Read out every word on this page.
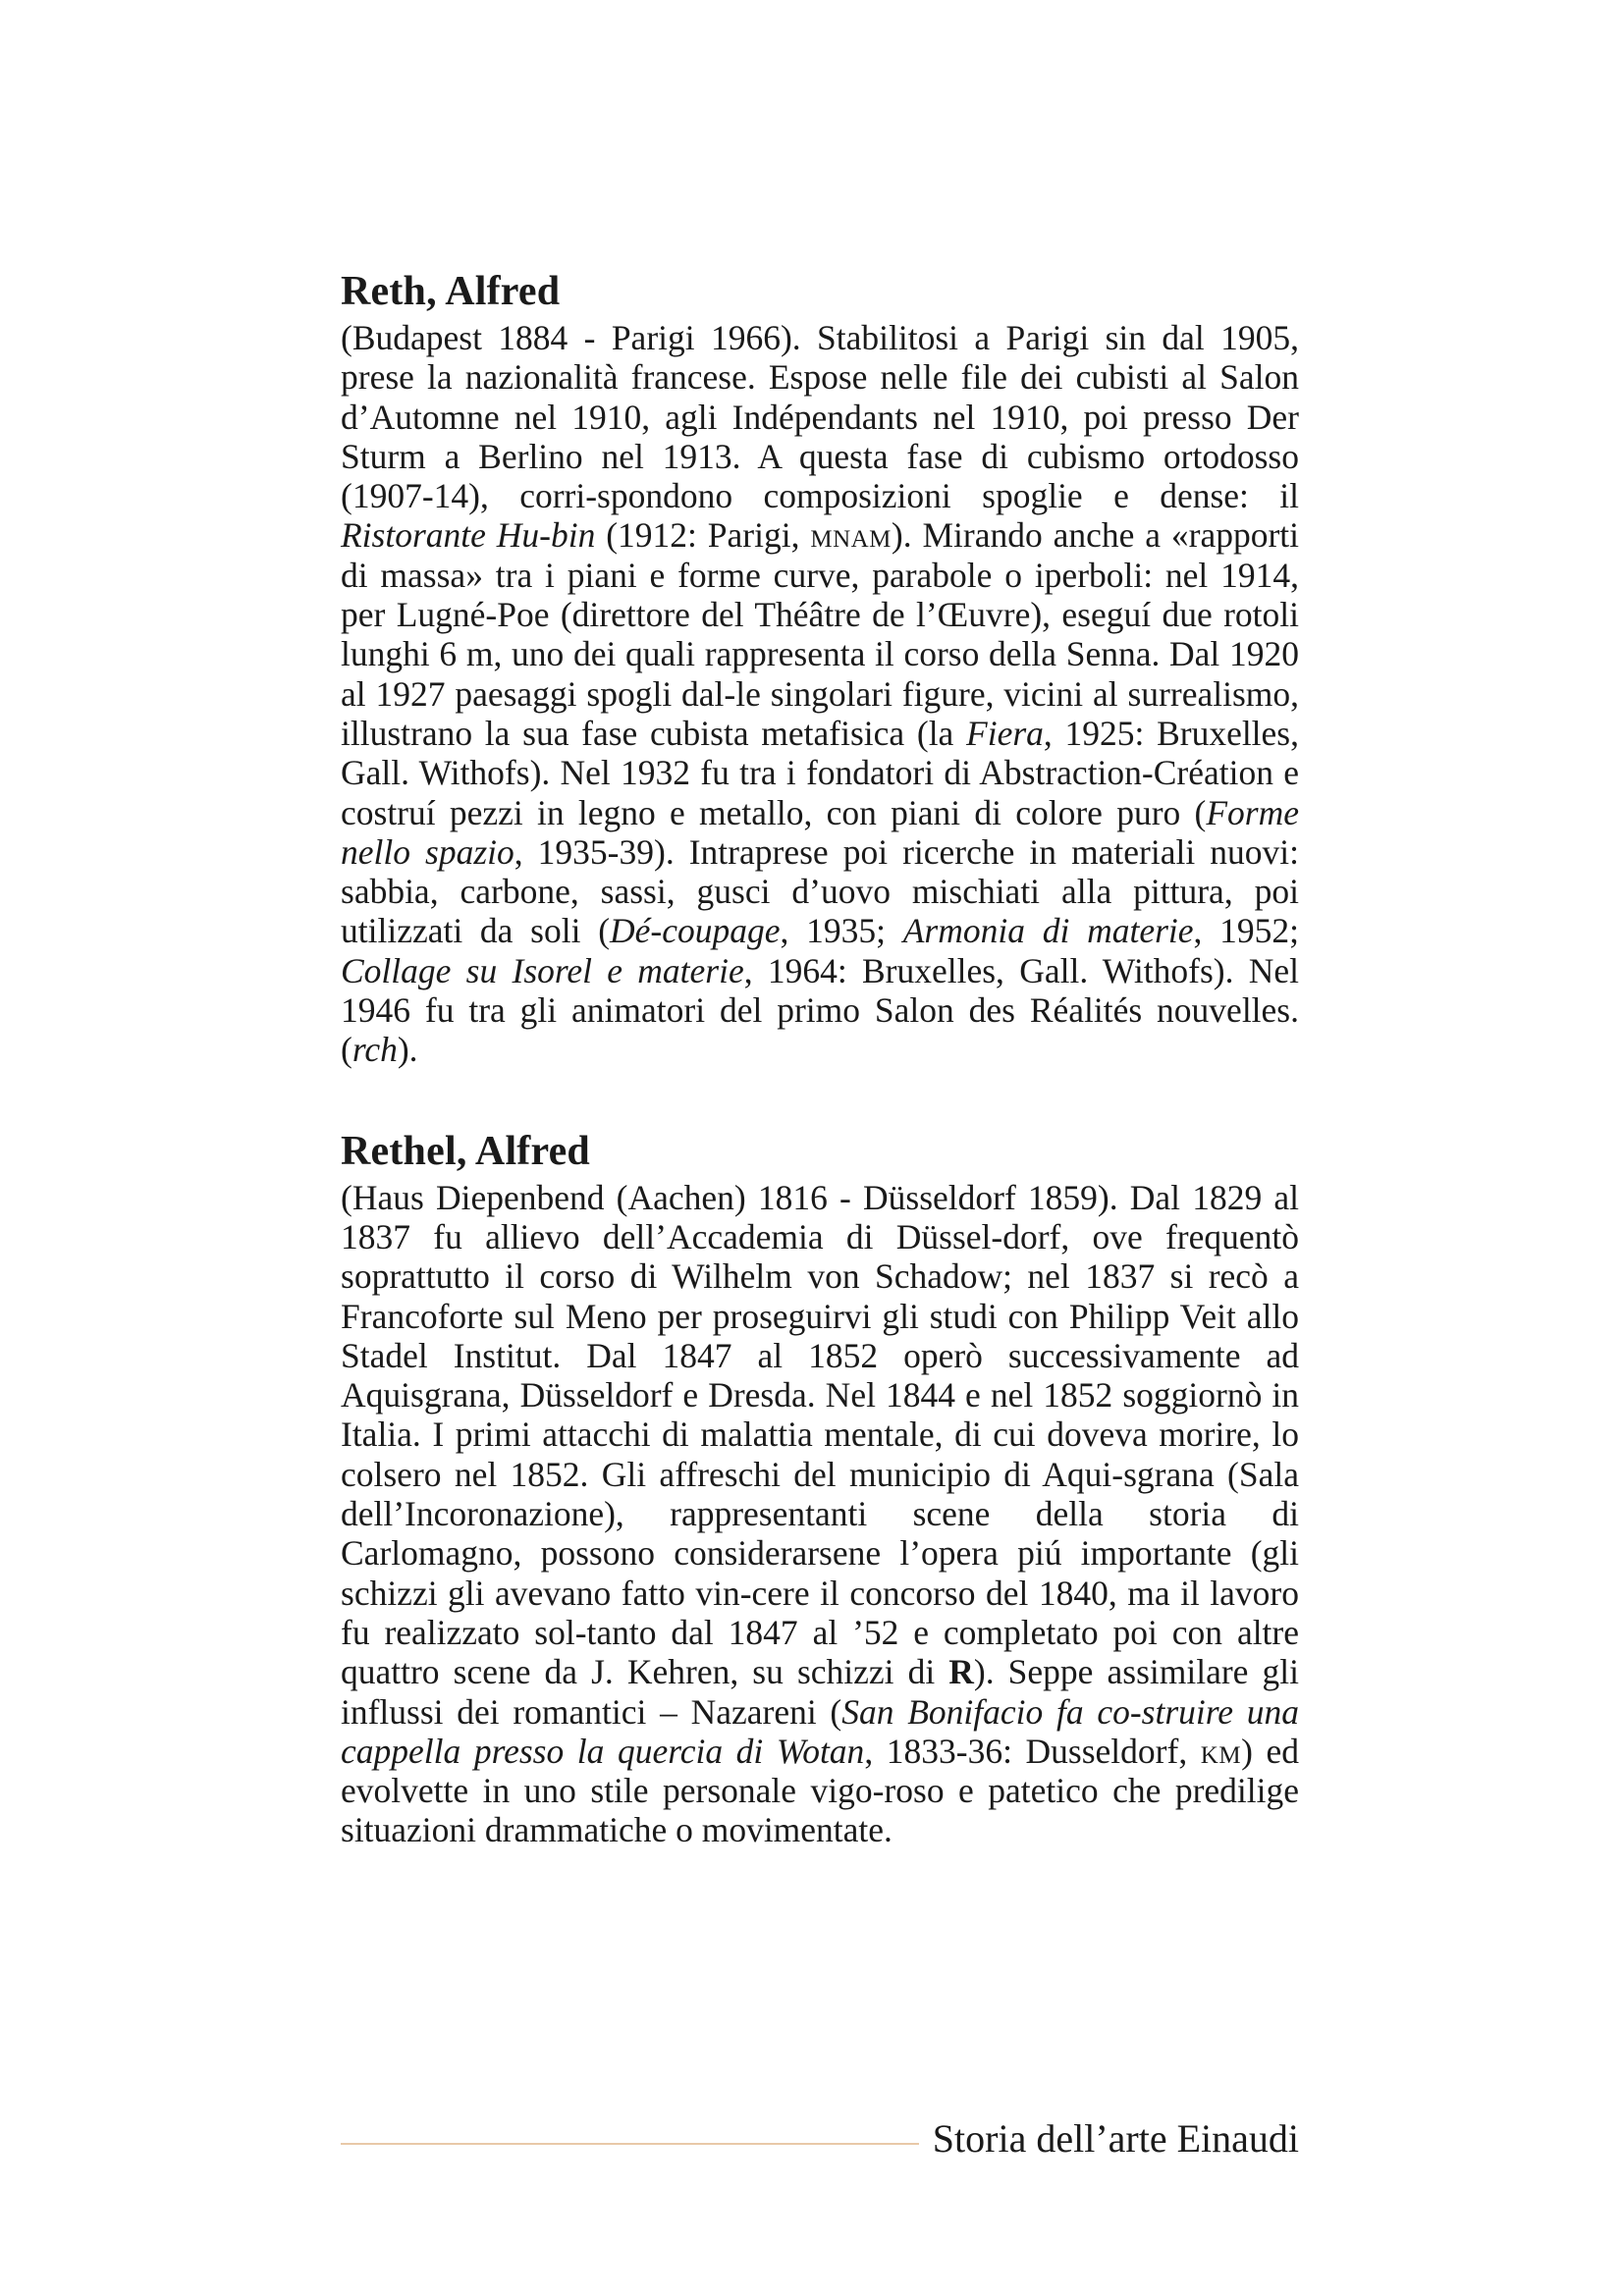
Reth, Alfred

(Budapest 1884 - Parigi 1966). Stabilitosi a Parigi sin dal 1905, prese la nazionalità francese. Espose nelle file dei cubisti al Salon d’Automne nel 1910, agli Indépendants nel 1910, poi presso Der Sturm a Berlino nel 1913. A questa fase di cubismo ortodosso (1907-14), corri-spondono composizioni spoglie e dense: il Ristorante Hu-bin (1912: Parigi, mnam). Mirando anche a «rapporti di massa» tra i piani e forme curve, parabole o iperboli: nel 1914, per Lugné-Poe (direttore del Théâtre de l’Œuvre), eseguí due rotoli lunghi 6 m, uno dei quali rappresenta il corso della Senna. Dal 1920 al 1927 paesaggi spogli dal-le singolari figure, vicini al surrealismo, illustrano la sua fase cubista metafisica (la Fiera, 1925: Bruxelles, Gall. Withofs). Nel 1932 fu tra i fondatori di Abstraction-Création e costruí pezzi in legno e metallo, con piani di colore puro (Forme nello spazio, 1935-39). Intraprese poi ricerche in materiali nuovi: sabbia, carbone, sassi, gusci d’uovo mischiati alla pittura, poi utilizzati da soli (Dé-coupage, 1935; Armonia di materie, 1952; Collage su Isorel e materie, 1964: Bruxelles, Gall. Withofs). Nel 1946 fu tra gli animatori del primo Salon des Réalités nouvelles. (rch).

Rethel, Alfred

(Haus Diepenbend (Aachen) 1816 - Düsseldorf 1859). Dal 1829 al 1837 fu allievo dell’Accademia di Düssel-dorf, ove frequentò soprattutto il corso di Wilhelm von Schadow; nel 1837 si recò a Francoforte sul Meno per proseguirvi gli studi con Philipp Veit allo Stadel Institut. Dal 1847 al 1852 operò successivamente ad Aquisgrana, Düsseldorf e Dresda. Nel 1844 e nel 1852 soggiornò in Italia. I primi attacchi di malattia mentale, di cui doveva morire, lo colsero nel 1852. Gli affreschi del municipio di Aqui-sgrana (Sala dell’Incoronazione), rappresentanti scene della storia di Carlomagno, possono considerarsene l’opera piú importante (gli schizzi gli avevano fatto vin-cere il concorso del 1840, ma il lavoro fu realizzato sol-tanto dal 1847 al ’52 e completato poi con altre quattro scene da J. Kehren, su schizzi di R). Seppe assimilare gli influssi dei romantici – Nazareni (San Bonifacio fa co-struire una cappella presso la quercia di Wotan, 1833-36: Dusseldorf, km) ed evolvette in uno stile personale vigo-roso e patetico che predilige situazioni drammatiche o movimentate.

Storia dell’arte Einaudi
